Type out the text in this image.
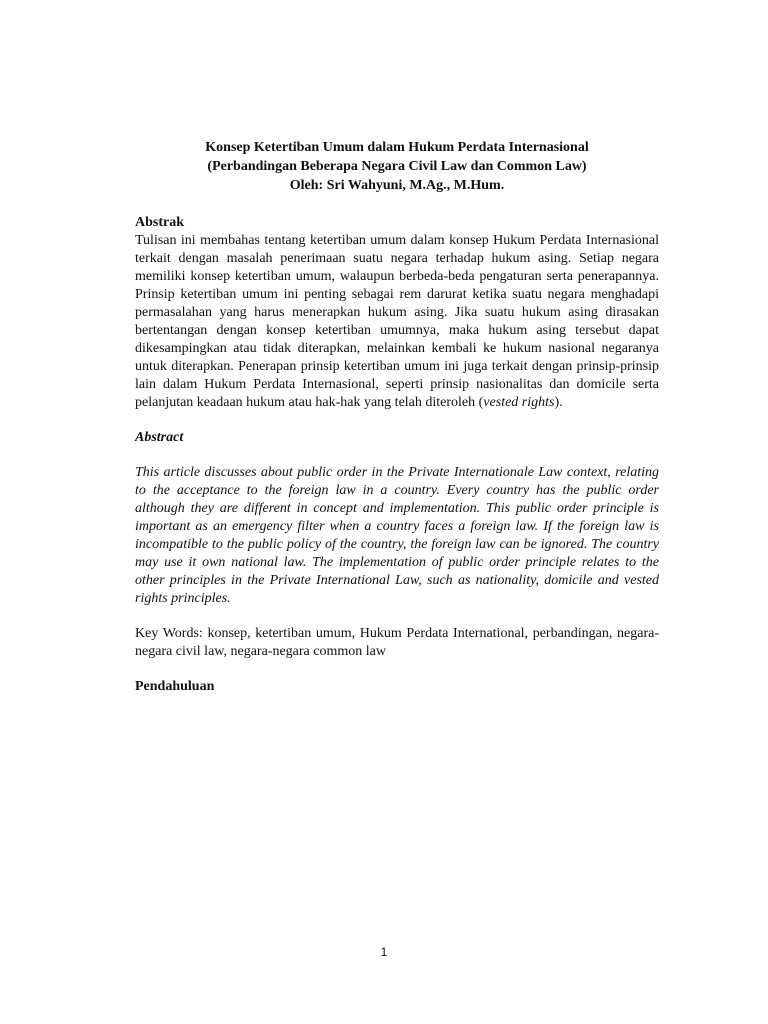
Konsep Ketertiban Umum dalam Hukum Perdata Internasional
(Perbandingan Beberapa Negara Civil Law dan Common Law)
Oleh: Sri Wahyuni, M.Ag., M.Hum.

Abstrak

Tulisan ini membahas tentang ketertiban umum dalam konsep Hukum Perdata Internasional terkait dengan masalah penerimaan suatu negara terhadap hukum asing. Setiap negara memiliki konsep ketertiban umum, walaupun berbeda-beda pengaturan serta penerapannya. Prinsip ketertiban umum ini penting sebagai rem darurat ketika suatu negara menghadapi permasalahan yang harus menerapkan hukum asing. Jika suatu hukum asing dirasakan bertentangan dengan konsep ketertiban umumnya, maka hukum asing tersebut dapat dikesampingkan atau tidak diterapkan, melainkan kembali ke hukum nasional negaranya untuk diterapkan. Penerapan prinsip ketertiban umum ini juga terkait dengan prinsip-prinsip lain dalam Hukum Perdata Internasional, seperti prinsip nasionalitas dan domicile serta pelanjutan keadaan hukum atau hak-hak yang telah diteroleh (vested rights).

Abstract

This article discusses about public order in the Private Internationale Law context, relating to the acceptance to the foreign law in a country. Every country has the public order although they are different in concept and implementation. This public order principle is important as an emergency filter when a country faces a foreign law. If the foreign law is incompatible to the public policy of the country, the foreign law can be ignored. The country may use it own national law. The implementation of public order principle relates to the other principles in the Private International Law, such as nationality, domicile and vested rights principles.

Key Words: konsep, ketertiban umum, Hukum Perdata International, perbandingan, negara-negara civil law, negara-negara common law

Pendahuluan

1
